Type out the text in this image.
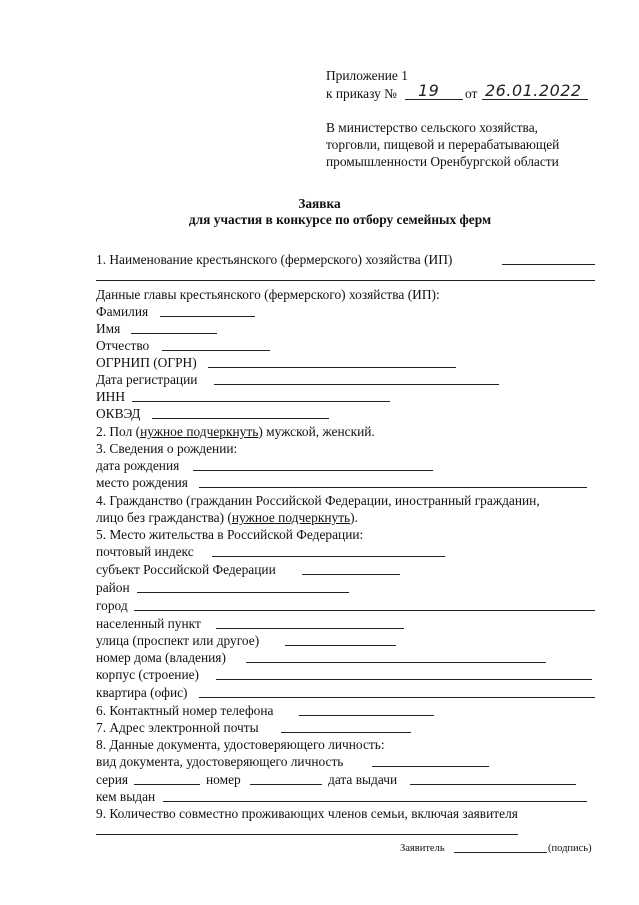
Приложение 1
к приказу № 19 от 26.01.2022
В министерство сельского хозяйства,
торговли, пищевой и перерабатывающей
промышленности Оренбургской области
Заявка
для участия в конкурсе по отбору семейных ферм
1. Наименование крестьянского (фермерского) хозяйства (ИП)
Данные главы крестьянского (фермерского) хозяйства (ИП):
Фамилия
Имя
Отчество
ОГРНИП (ОГРН)
Дата регистрации
ИНН
ОКВЭД
2. Пол (нужное подчеркнуть) мужской, женский.
3. Сведения о рождении:
дата рождения
место рождения
4. Гражданство (гражданин Российской Федерации, иностранный гражданин,
лицо без гражданства) (нужное подчеркнуть).
5. Место жительства в Российской Федерации:
почтовый индекс
субъект Российской Федерации
район
город
населенный пункт
улица (проспект или другое)
номер дома (владения)
корпус (строение)
квартира (офис)
6. Контактный номер телефона
7. Адрес электронной почты
8. Данные документа, удостоверяющего личность:
вид документа, удостоверяющего личность
серия	номер	дата выдачи
кем выдан
9. Количество совместно проживающих членов семьи, включая заявителя
Заявитель	(подпись)
